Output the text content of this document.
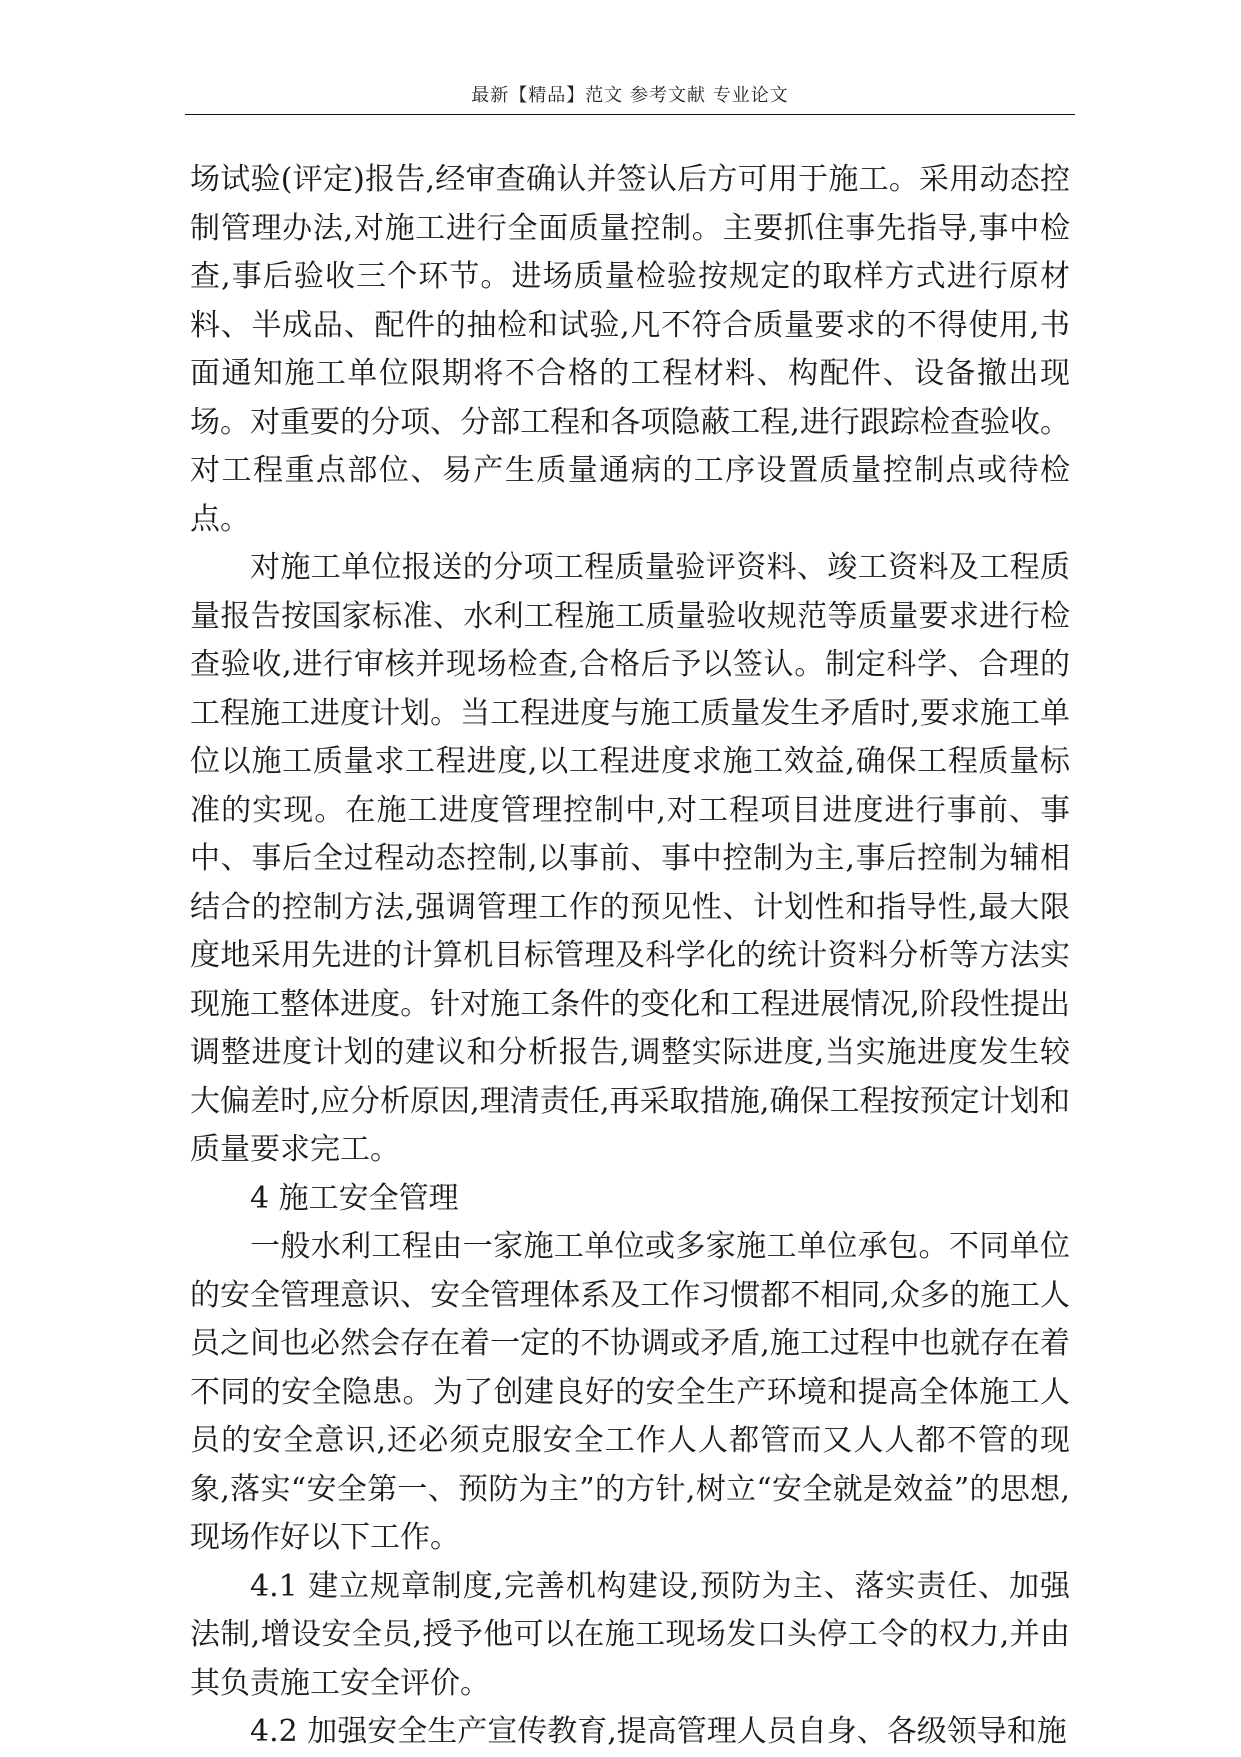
最新【精品】范文 参考文献 专业论文

场试验(评定)报告,经审查确认并签认后方可用于施工。采用动态控制管理办法,对施工进行全面质量控制。主要抓住事先指导,事中检查,事后验收三个环节。进场质量检验按规定的取样方式进行原材料、半成品、配件的抽检和试验,凡不符合质量要求的不得使用,书面通知施工单位限期将不合格的工程材料、构配件、设备撤出现场。对重要的分项、分部工程和各项隐蔽工程,进行跟踪检查验收。对工程重点部位、易产生质量通病的工序设置质量控制点或待检点。

对施工单位报送的分项工程质量验评资料、竣工资料及工程质量报告按国家标准、水利工程施工质量验收规范等质量要求进行检查验收,进行审核并现场检查,合格后予以签认。制定科学、合理的工程施工进度计划。当工程进度与施工质量发生矛盾时,要求施工单位以施工质量求工程进度,以工程进度求施工效益,确保工程质量标准的实现。在施工进度管理控制中,对工程项目进度进行事前、事中、事后全过程动态控制,以事前、事中控制为主,事后控制为辅相结合的控制方法,强调管理工作的预见性、计划性和指导性,最大限度地采用先进的计算机目标管理及科学化的统计资料分析等方法实现施工整体进度。针对施工条件的变化和工程进展情况,阶段性提出调整进度计划的建议和分析报告,调整实际进度,当实施进度发生较大偏差时,应分析原因,理清责任,再采取措施,确保工程按预定计划和质量要求完工。

4 施工安全管理

一般水利工程由一家施工单位或多家施工单位承包。不同单位的安全管理意识、安全管理体系及工作习惯都不相同,众多的施工人员之间也必然会存在着一定的不协调或矛盾,施工过程中也就存在着不同的安全隐患。为了创建良好的安全生产环境和提高全体施工人员的安全意识,还必须克服安全工作人人都管而又人人都不管的现象,落实“安全第一、预防为主”的方针,树立“安全就是效益”的思想,现场作好以下工作。

4.1 建立规章制度,完善机构建设,预防为主、落实责任、加强法制,增设安全员,授予他可以在施工现场发口头停工令的权力,并由其负责施工安全评价。

4.2 加强安全生产宣传教育,提高管理人员自身、各级领导和施
